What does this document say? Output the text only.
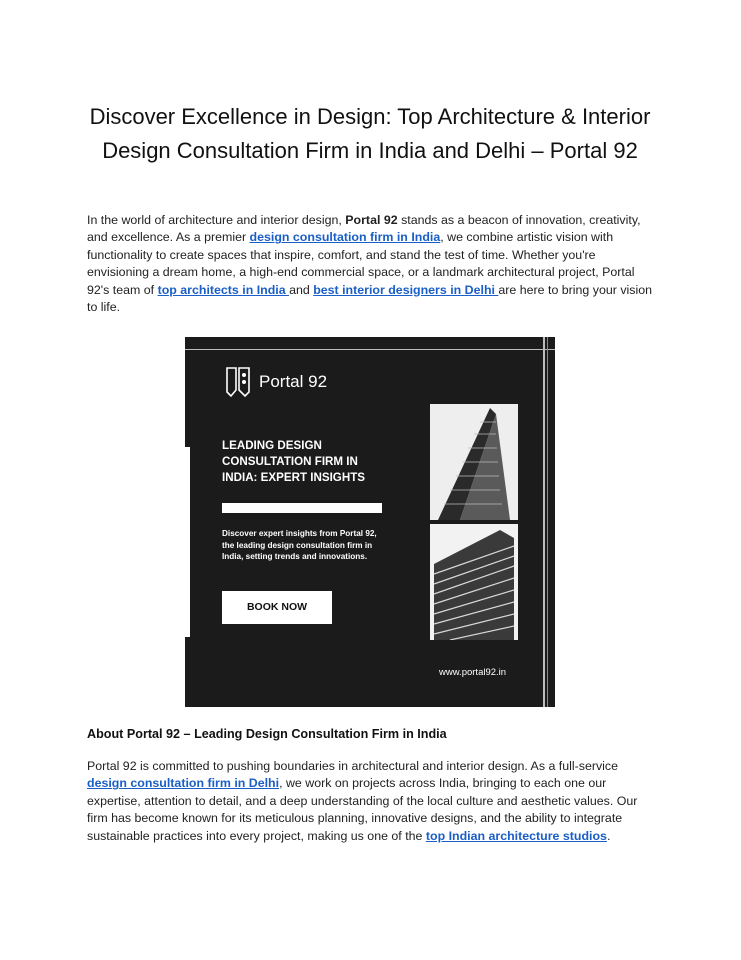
Discover Excellence in Design: Top Architecture & Interior Design Consultation Firm in India and Delhi – Portal 92

In the world of architecture and interior design, Portal 92 stands as a beacon of innovation, creativity, and excellence. As a premier design consultation firm in India, we combine artistic vision with functionality to create spaces that inspire, comfort, and stand the test of time. Whether you're envisioning a dream home, a high-end commercial space, or a landmark architectural project, Portal 92's team of top architects in India and best interior designers in Delhi are here to bring your vision to life.

Portal 92
LEADING DESIGN CONSULTATION FIRM IN INDIA: EXPERT INSIGHTS
Discover expert insights from Portal 92, the leading design consultation firm in India, setting trends and innovations.
BOOK NOW
www.portal92.in
About Portal 92 – Leading Design Consultation Firm in India

Portal 92 is committed to pushing boundaries in architectural and interior design. As a full-service design consultation firm in Delhi, we work on projects across India, bringing to each one our expertise, attention to detail, and a deep understanding of the local culture and aesthetic values. Our firm has become known for its meticulous planning, innovative designs, and the ability to integrate sustainable practices into every project, making us one of the top Indian architecture studios.
